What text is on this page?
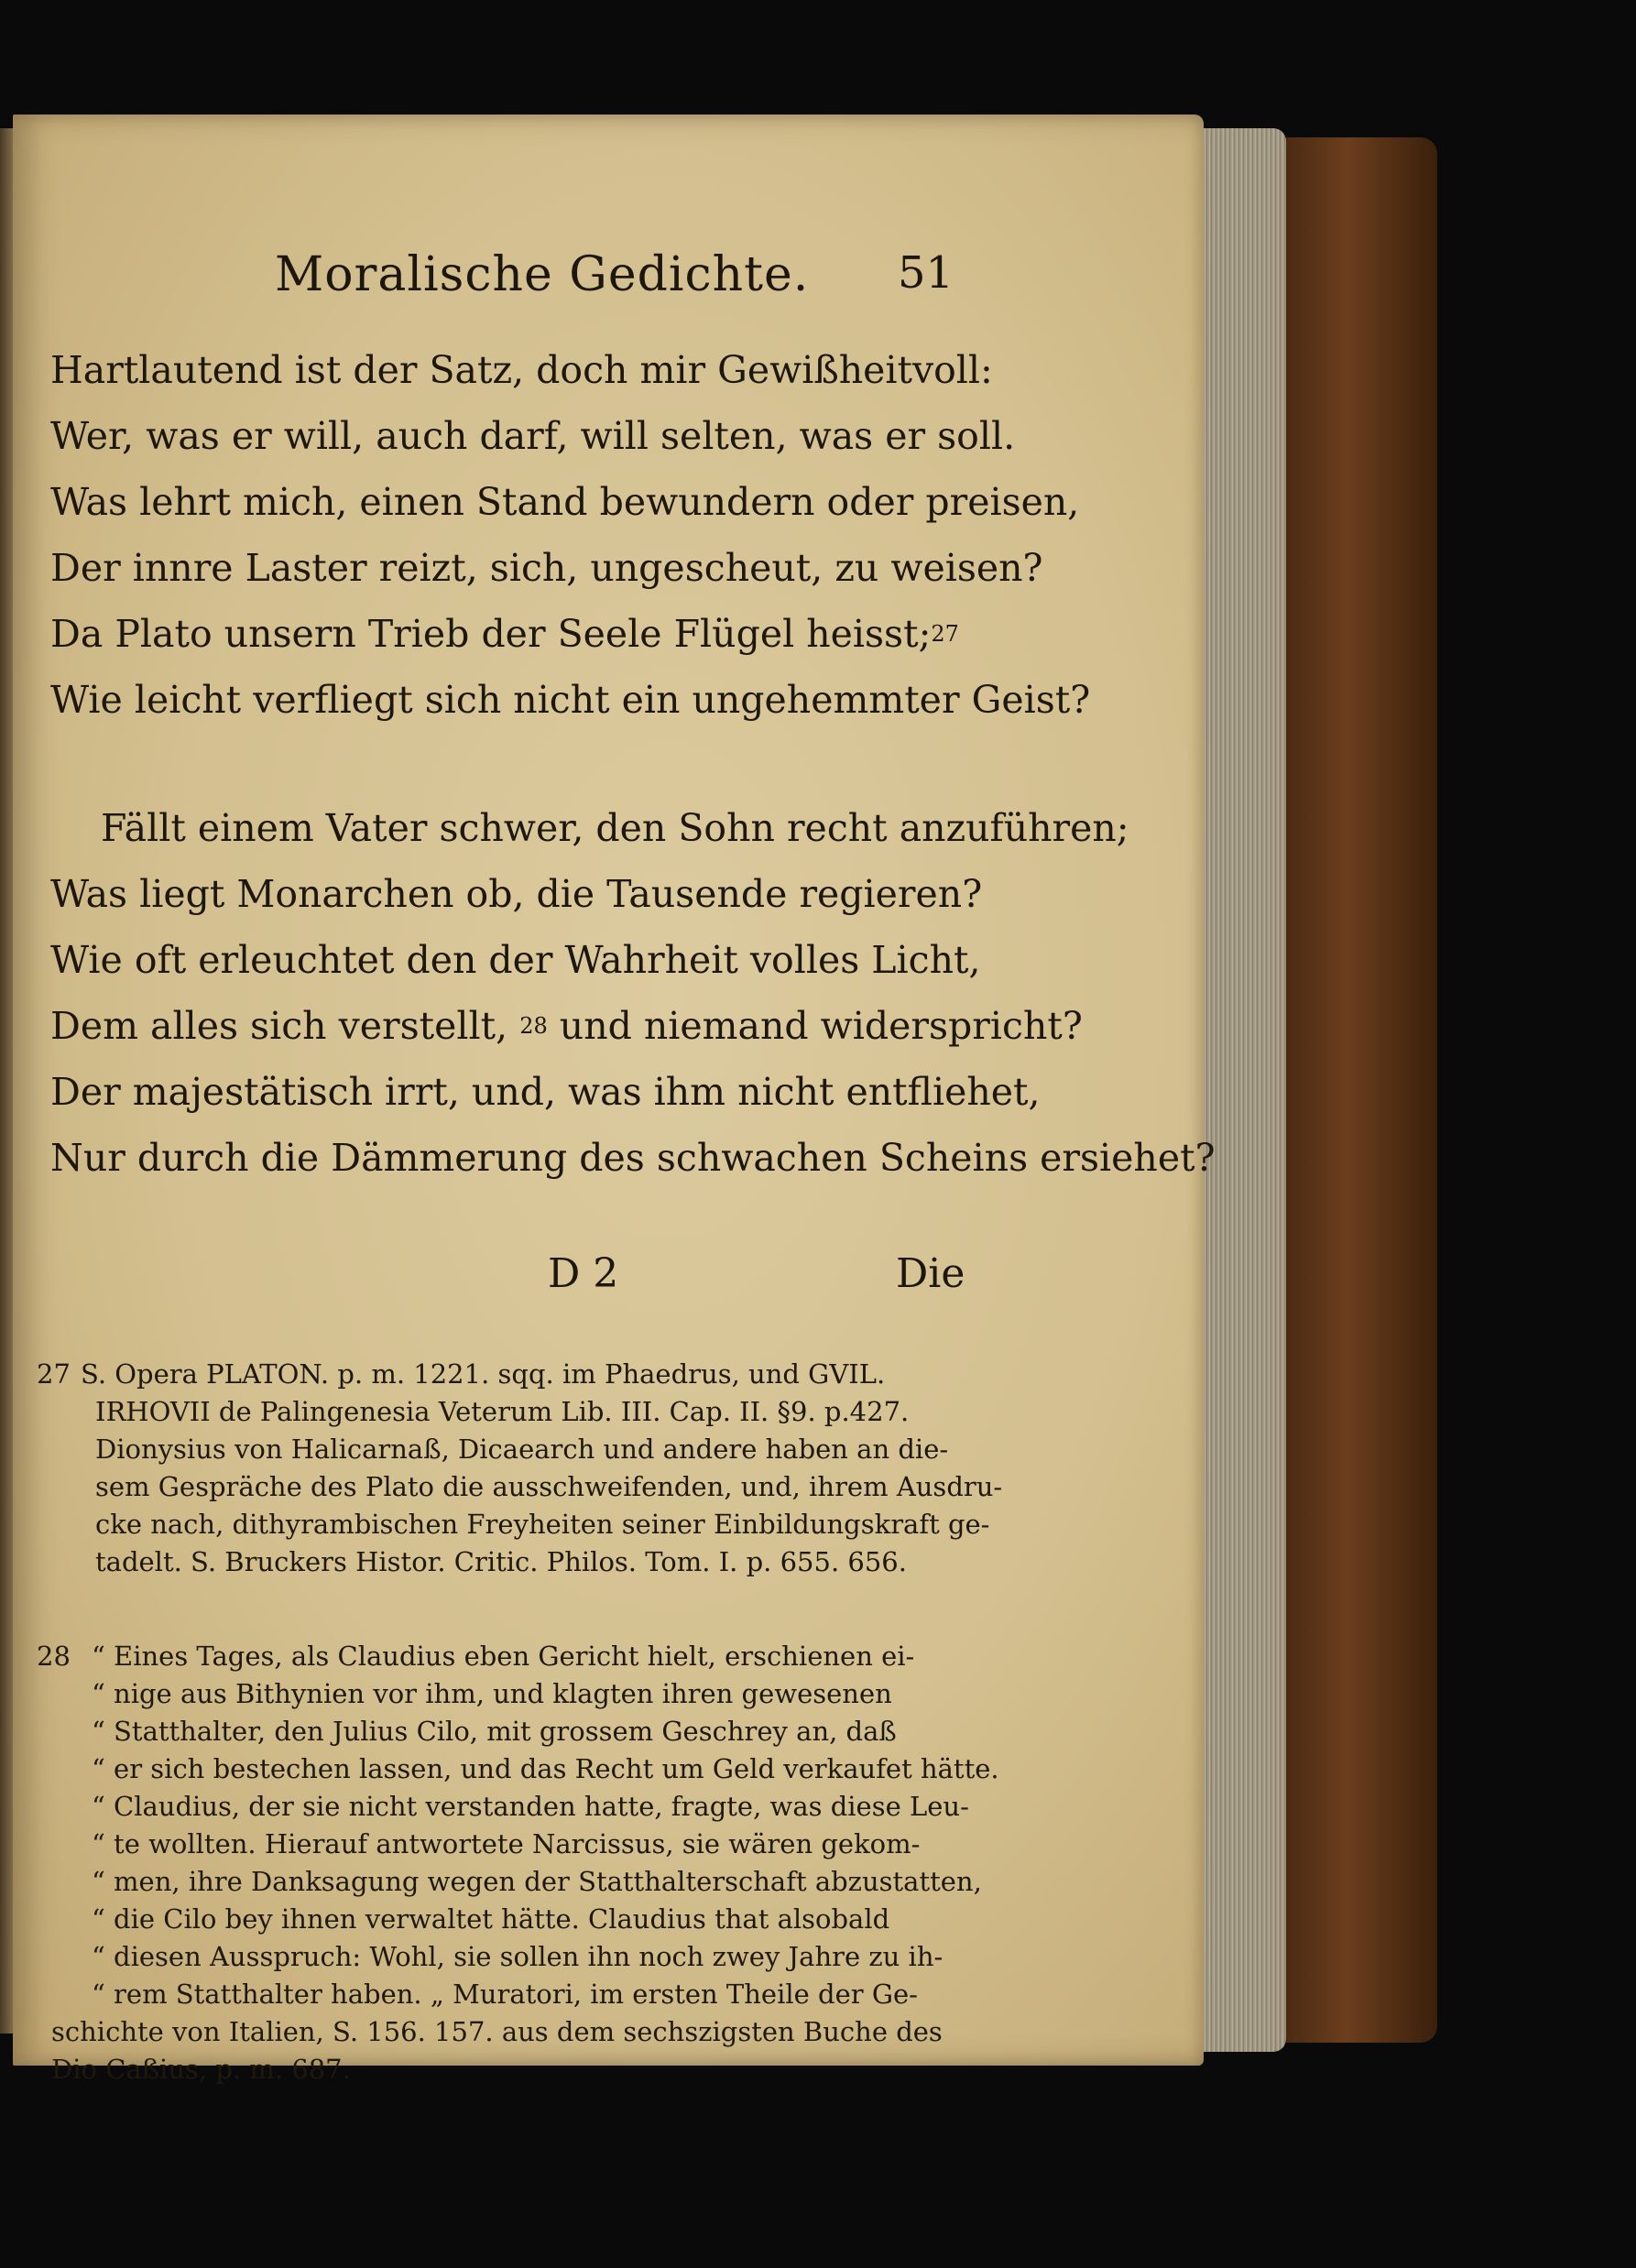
Moralische Gedichte. 51
Hartlautend ist der Satz, doch mir Gewißheitvoll:
Wer, was er will, auch darf, will selten, was er soll.
Was lehrt mich, einen Stand bewundern oder preisen,
Der innre Laster reizt, sich, ungescheut, zu weisen?
Da Plato unsern Trieb der Seele Flügel heisst;$^{27}$
Wie leicht verfliegt sich nicht ein ungehemmter Geist?
Fällt einem Vater schwer, den Sohn recht anzuführen;
Was liegt Monarchen ob, die Tausende regieren?
Wie oft erleuchtet den der Wahrheit volles Licht,
Dem alles sich verstellt, $^{28}$ und niemand widerspricht?
Der majestätisch irrt, und, was ihm nicht entfliehet,
Nur durch die Dämmerung des schwachen Scheins ersiehet?
D 2	Die
27 S. Opera PLATON. p. m. 1221. sqq. im Phaedrus, und GVIL.
IRHOVII de Palingenesia Veterum Lib. III. Cap. II. §9. p.427.
Dionysius von Halicarnaß, Dicaearch und andere haben an die-
sem Gespräche des Plato die ausschweifenden, und, ihrem Ausdru-
cke nach, dithyrambischen Freyheiten seiner Einbildungskraft ge-
tadelt. S. Bruckers Histor. Critic. Philos. Tom. I. p. 655. 656.
28 “ Eines Tages, als Claudius eben Gericht hielt, erschienen ei-
“ nige aus Bithynien vor ihm, und klagten ihren gewesenen
“ Statthalter, den Julius Cilo, mit grossem Geschrey an, daß
“ er sich bestechen lassen, und das Recht um Geld verkaufet hätte.
“ Claudius, der sie nicht verstanden hatte, fragte, was diese Leu-
“ te wollten. Hierauf antwortete Narcissus, sie wären gekom-
“ men, ihre Danksagung wegen der Statthalterschaft abzustatten,
“ die Cilo bey ihnen verwaltet hätte. Claudius that alsobald
“ diesen Ausspruch: Wohl, sie sollen ihn noch zwey Jahre zu ih-
“ rem Statthalter haben. „ Muratori, im ersten Theile der Ge-
schichte von Italien, S. 156. 157. aus dem sechszigsten Buche des
Dio Caßius, p. m. 687.
